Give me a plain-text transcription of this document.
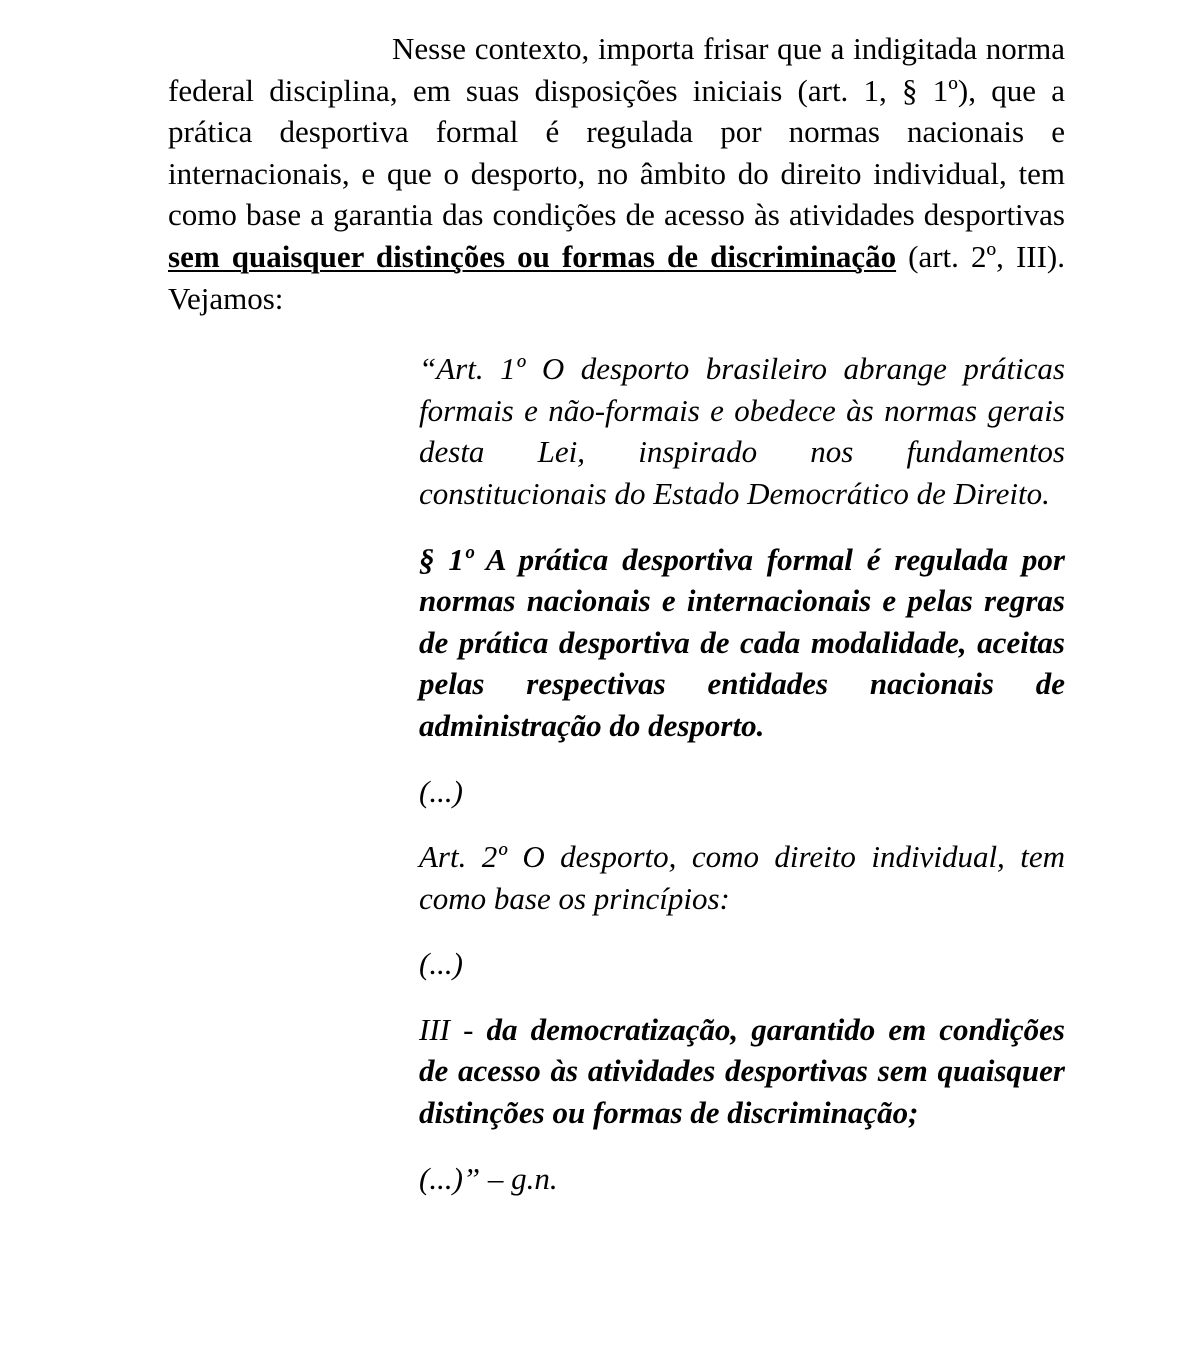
Nesse contexto, importa frisar que a indigitada norma federal disciplina, em suas disposições iniciais (art. 1, § 1º), que a prática desportiva formal é regulada por normas nacionais e internacionais, e que o desporto, no âmbito do direito individual, tem como base a garantia das condições de acesso às atividades desportivas sem quaisquer distinções ou formas de discriminação (art. 2º, III). Vejamos:

“Art. 1º O desporto brasileiro abrange práticas formais e não-formais e obedece às normas gerais desta Lei, inspirado nos fundamentos constitucionais do Estado Democrático de Direito.

§ 1º A prática desportiva formal é regulada por normas nacionais e internacionais e pelas regras de prática desportiva de cada modalidade, aceitas pelas respectivas entidades nacionais de administração do desporto.

(...)

Art. 2º O desporto, como direito individual, tem como base os princípios:

(...)

III - da democratização, garantido em condições de acesso às atividades desportivas sem quaisquer distinções ou formas de discriminação;

(...)” – g.n.
